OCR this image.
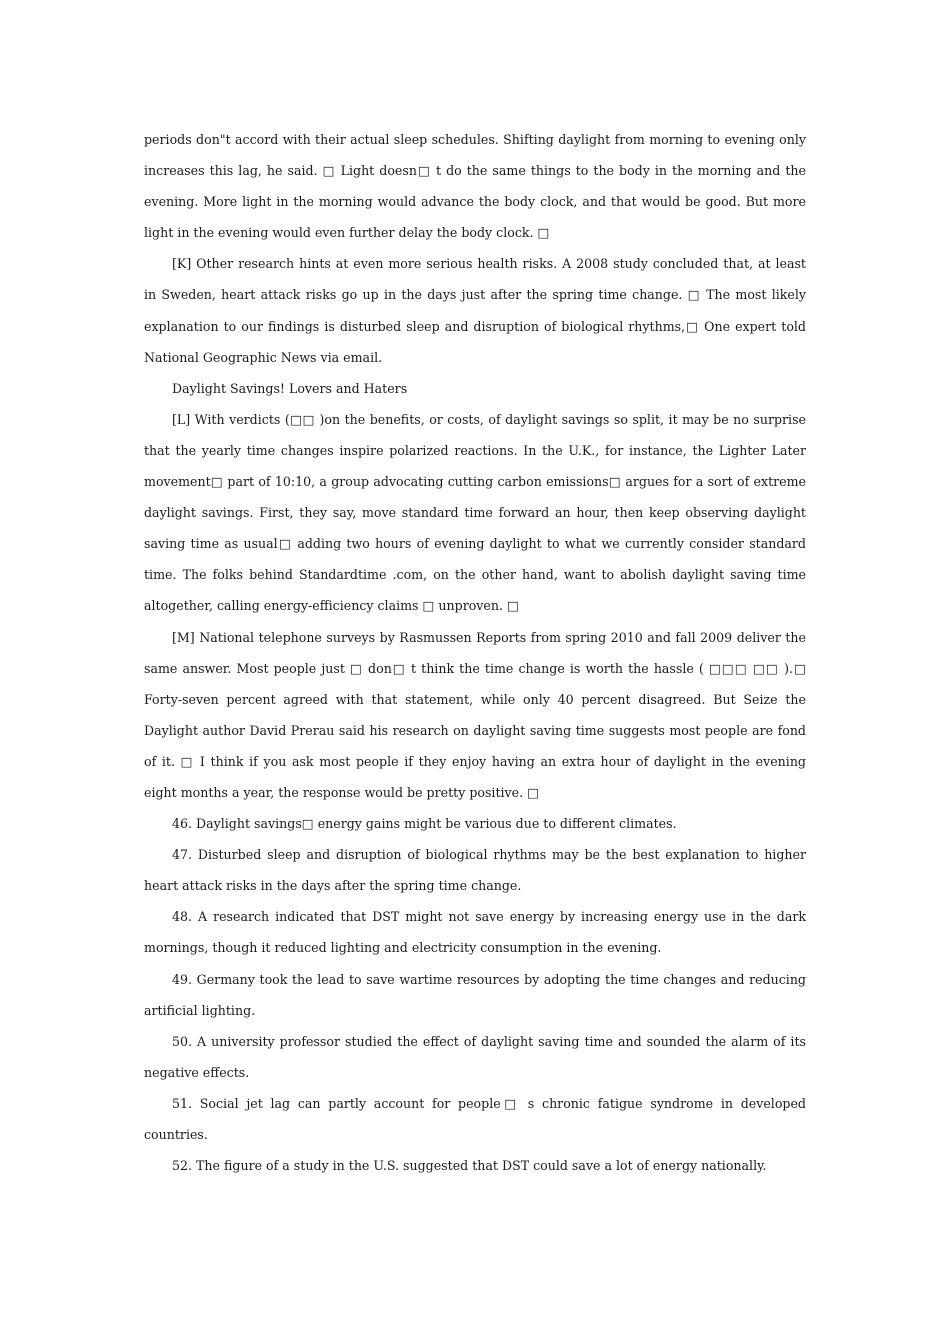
periods don"t accord with their actual sleep schedules. Shifting daylight from morning to evening only increases this lag, he said. □ Light doesn□ t do the same things to the body in the morning and the evening. More light in the morning would advance the body clock, and that would be good. But more light in the evening would even further delay the body clock. □

[K] Other research hints at even more serious health risks. A 2008 study concluded that, at least in Sweden, heart attack risks go up in the days just after the spring time change. □ The most likely explanation to our findings is disturbed sleep and disruption of biological rhythms,□ One expert told National Geographic News via email.

Daylight Savings! Lovers and Haters

[L] With verdicts (□□ )on the benefits, or costs, of daylight savings so split, it may be no surprise that the yearly time changes inspire polarized reactions. In the U.K., for instance, the Lighter Later movement□ part of 10:10, a group advocating cutting carbon emissions□ argues for a sort of extreme daylight savings. First, they say, move standard time forward an hour, then keep observing daylight saving time as usual□ adding two hours of evening daylight to what we currently consider standard time. The folks behind Standardtime .com, on the other hand, want to abolish daylight saving time altogether, calling energy-efficiency claims □ unproven. □

[M] National telephone surveys by Rasmussen Reports from spring 2010 and fall 2009 deliver the same answer. Most people just □ don□ t think the time change is worth the hassle ( □□□ □□ ).□ Forty-seven percent agreed with that statement, while only 40 percent disagreed. But Seize the Daylight author David Prerau said his research on daylight saving time suggests most people are fond of it. □ I think if you ask most people if they enjoy having an extra hour of daylight in the evening eight months a year, the response would be pretty positive. □

46. Daylight savings□ energy gains might be various due to different climates.

47. Disturbed sleep and disruption of biological rhythms may be the best explanation to higher heart attack risks in the days after the spring time change.

48. A research indicated that DST might not save energy by increasing energy use in the dark mornings, though it reduced lighting and electricity consumption in the evening.

49. Germany took the lead to save wartime resources by adopting the time changes and reducing artificial lighting.

50. A university professor studied the effect of daylight saving time and sounded the alarm of its negative effects.

51. Social jet lag can partly account for people□ s chronic fatigue syndrome in developed countries.

52. The figure of a study in the U.S. suggested that DST could save a lot of energy nationally.
